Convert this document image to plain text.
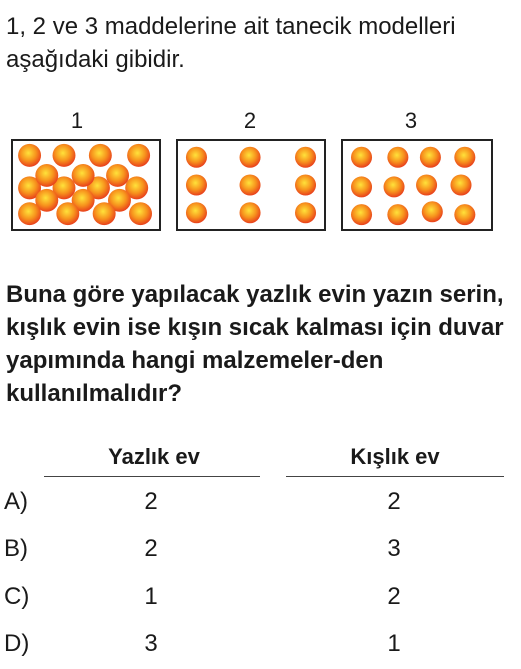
1, 2 ve 3 maddelerine ait tanecik modelleri aşağıdaki gibidir.

1	2	3

Buna göre yapılacak yazlık evin yazın serin, kışlık evin ise kışın sıcak kalması için duvar yapımında hangi malzemeler-den kullanılmalıdır?

Yazlık ev	Kışlık ev
A)	2	2
B)	2	3
C)	1	2
D)	3	1
